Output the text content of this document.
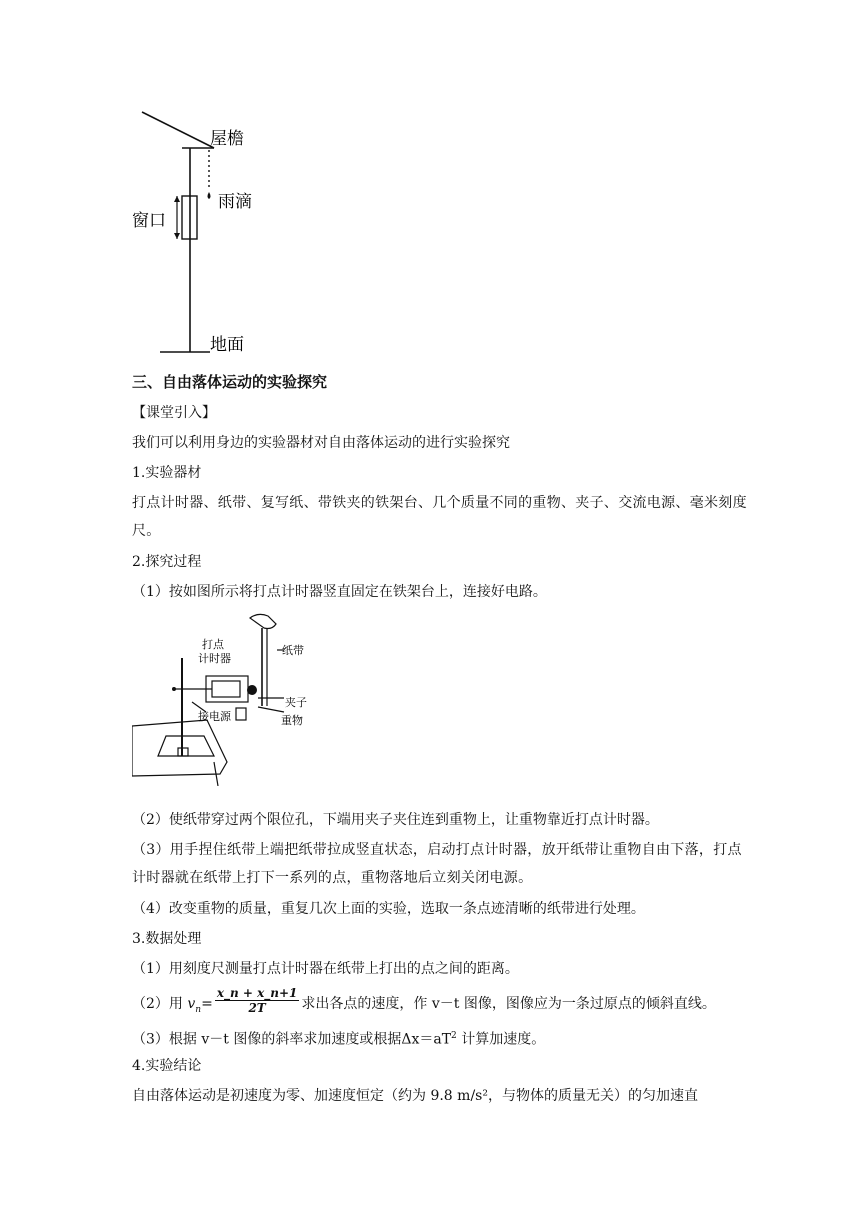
屋檐
雨滴
窗口
地面
三、自由落体运动的实验探究
【课堂引入】
我们可以利用身边的实验器材对自由落体运动的进行实验探究
1.实验器材
打点计时器、纸带、复写纸、带铁夹的铁架台、几个质量不同的重物、夹子、交流电源、毫米刻度尺。
2.探究过程
（1）按如图所示将打点计时器竖直固定在铁架台上，连接好电路。
打点
计时器
纸带
夹子
重物
接电源
（2）使纸带穿过两个限位孔，下端用夹子夹住连到重物上，让重物靠近打点计时器。
（3）用手捏住纸带上端把纸带拉成竖直状态，启动打点计时器，放开纸带让重物自由下落，打点计时器就在纸带上打下一系列的点，重物落地后立刻关闭电源。
（4）改变重物的质量，重复几次上面的实验，选取一条点迹清晰的纸带进行处理。
3.数据处理
（1）用刻度尺测量打点计时器在纸带上打出的点之间的距离。
（2）用 $v_n= \frac{x\_n + x\_n+1}{2T}$ 求出各点的速度，作 v－t 图像，图像应为一条过原点的倾斜直线。
（3）根据 v－t 图像的斜率求加速度或根据$\Delta x=aT^2$ 计算加速度。
4.实验结论
自由落体运动是初速度为零、加速度恒定（约为 9.8 m/s²，与物体的质量无关）的匀加速直
